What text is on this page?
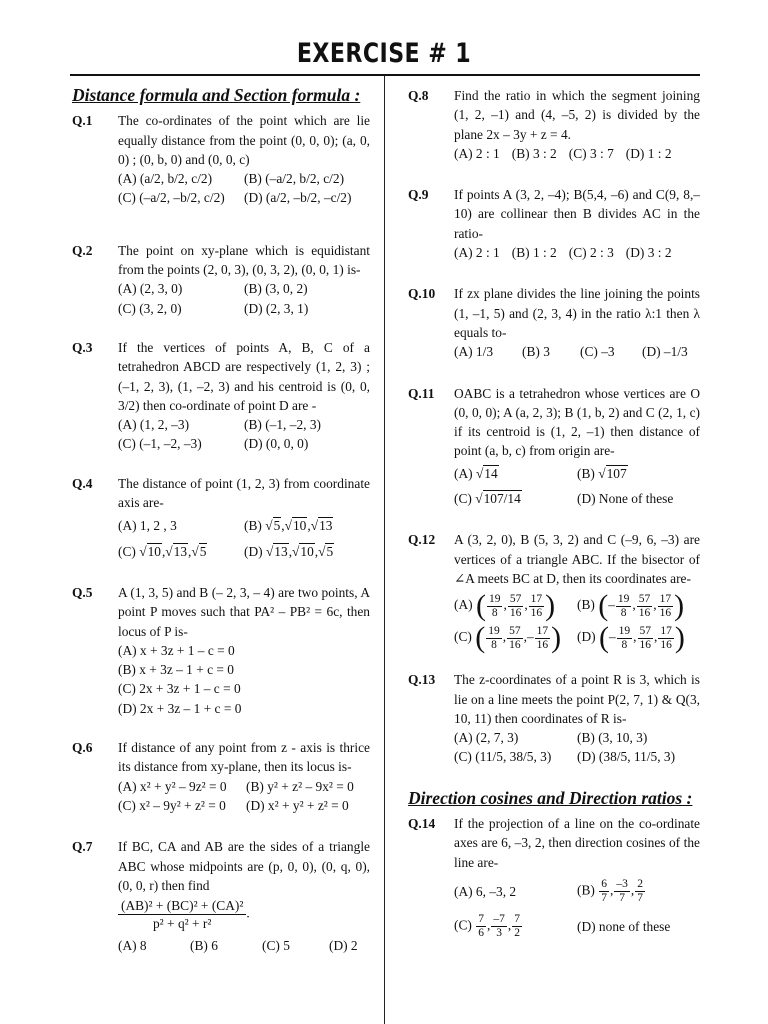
EXERCISE # 1
Distance formula and Section formula :
Q.1	The co-ordinates of the point which are lie equally distance from the point (0, 0, 0); (a, 0, 0) ; (0, b, 0) and (0, 0, c)
(A) (a/2, b/2, c/2)	(B) (–a/2, b/2, c/2)
(C) (–a/2, –b/2, c/2)	(D) (a/2, –b/2, –c/2)
Q.2	The point on xy-plane which is equidistant from the points (2, 0, 3), (0, 3, 2), (0, 0, 1) is-
(A) (2, 3, 0)	(B) (3, 0, 2)
(C) (3, 2, 0)	(D) (2, 3, 1)
Q.3	If the vertices of points A, B, C of a tetrahedron ABCD are respectively (1, 2, 3) ; (–1, 2, 3), (1, –2, 3) and his centroid is (0, 0, 3/2) then co-ordinate of point D are -
(A) (1, 2, –3)	(B) (–1, –2, 3)
(C) (–1, –2, –3)	(D) (0, 0, 0)
Q.4	The distance of point (1, 2, 3) from coordinate axis are-
(A) 1, 2 , 3	(B) √5,√10,√13
(C) √10,√13,√5	(D) √13,√10,√5
Q.5	A (1, 3, 5) and B (– 2, 3, – 4) are two points, A point P moves such that PA² – PB² = 6c, then locus of P is-
(A) x + 3z + 1 – c = 0
(B) x + 3z – 1 + c = 0
(C) 2x + 3z + 1 – c = 0
(D) 2x + 3z – 1 + c = 0
Q.6	If distance of any point from z - axis is thrice its distance from xy-plane, then its locus is-
(A) x² + y² – 9z² = 0	(B) y² + z² – 9x² = 0
(C) x² – 9y² + z² = 0	(D) x² + y² + z² = 0
Q.7	If BC, CA and AB are the sides of a triangle ABC whose midpoints are (p, 0, 0), (0, q, 0), (0, 0, r) then find
$\frac{\text{(AB)² + (BC)² + (CA)²}}{\text{p² + q² + r²}}$ .
(A) 8	(B) 6	(C) 5	(D) 2
Q.8	Find the ratio in which the segment joining (1, 2, –1) and (4, –5, 2) is divided by the plane 2x – 3y + z = 4.
(A) 2 : 1 (B) 3 : 2 (C) 3 : 7 (D) 1 : 2
Q.9	If points A (3, 2, –4); B(5,4, –6) and C(9, 8,–10) are collinear then B divides AC in the ratio-
(A) 2 : 1 (B) 1 : 2 (C) 2 : 3 (D) 3 : 2
Q.10	If zx plane divides the line joining the points (1, –1, 5) and (2, 3, 4) in the ratio λ:1 then λ equals to-
(A) 1/3	(B) 3	(C) –3	(D) –1/3
Q.11	OABC is a tetrahedron whose vertices are O (0, 0, 0); A (a, 2, 3); B (1, b, 2) and C (2, 1, c) if its centroid is (1, 2, –1) then distance of point (a, b, c) from origin are-
(A) √14	(B) √107
(C) √107/14	(D) None of these
Q.12	A (3, 2, 0), B (5, 3, 2) and C (–9, 6, –3) are vertices of a triangle ABC. If the bisector of ∠A meets BC at D, then its coordinates are-
(A) ( $\frac{19}{8}$ , $\frac{57}{16}$ , $\frac{17}{16}$ )	(B) (– $\frac{19}{8}$ , $\frac{57}{16}$ , $\frac{17}{16}$ )
(C) ( $\frac{19}{8}$ , $\frac{57}{16}$ ,– $\frac{17}{16}$ )	(D) (– $\frac{19}{8}$ , $\frac{57}{16}$ , $\frac{17}{16}$ )
Q.13	The z-coordinates of a point R is 3, which is lie on a line meets the point P(2, 7, 1) & Q(3, 10, 11) then coordinates of R is-
(A) (2, 7, 3)	(B) (3, 10, 3)
(C) (11/5, 38/5, 3)	(D) (38/5, 11/5, 3)
Direction cosines and Direction ratios :
Q.14	If the projection of a line on the co-ordinate axes are 6, –3, 2, then direction cosines of the line are-
(A) 6, –3, 2	$(B) \frac{6}{7}$ , $\frac{-3}{7}$ , $\frac{2}{7}$
$(C) \frac{7}{6}$ , $\frac{-7}{3}$ , $\frac{7}{2}$	(D) none of these
